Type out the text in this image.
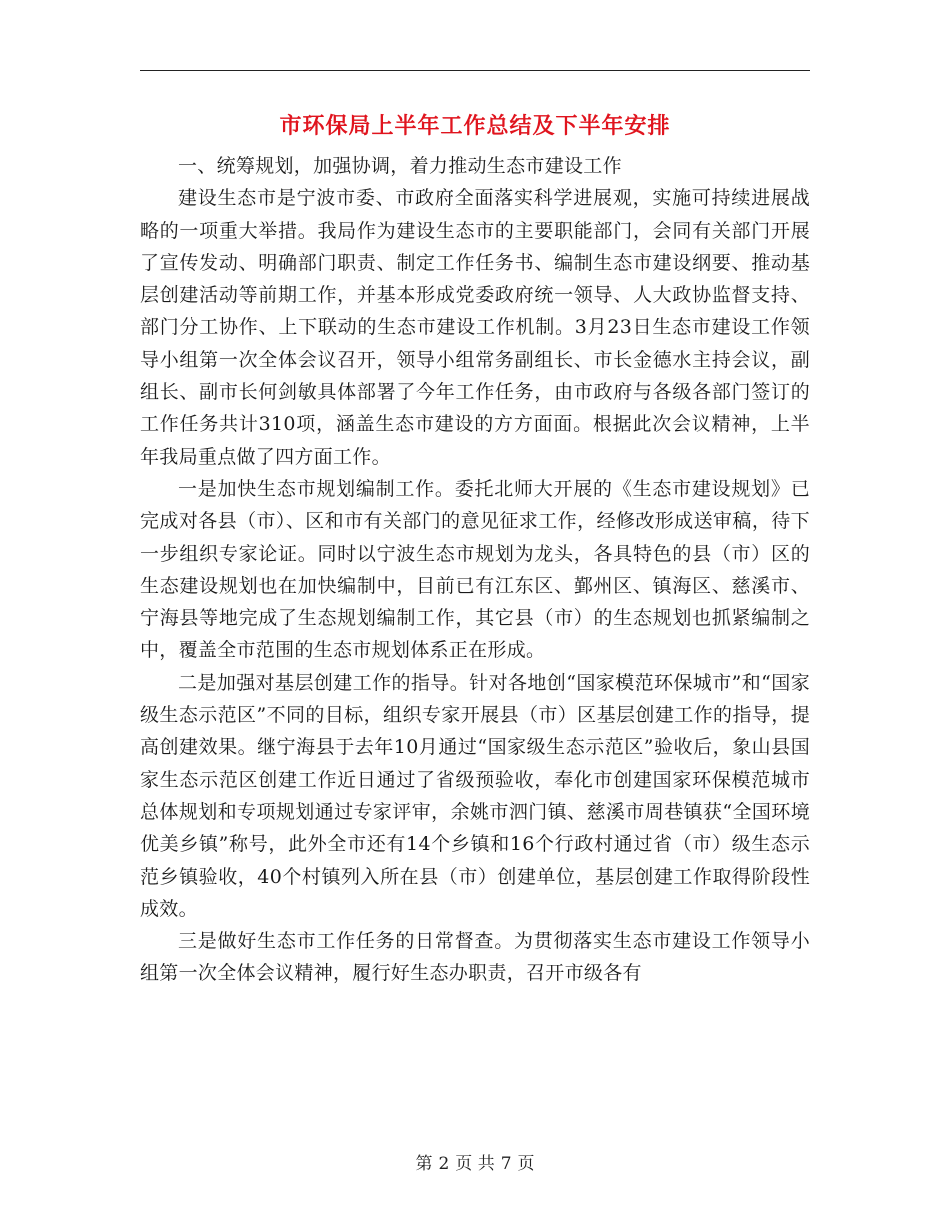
市环保局上半年工作总结及下半年安排

一、统筹规划，加强协调，着力推动生态市建设工作

建设生态市是宁波市委、市政府全面落实科学进展观，实施可持续进展战略的一项重大举措。我局作为建设生态市的主要职能部门，会同有关部门开展了宣传发动、明确部门职责、制定工作任务书、编制生态市建设纲要、推动基层创建活动等前期工作，并基本形成党委政府统一领导、人大政协监督支持、部门分工协作、上下联动的生态市建设工作机制。3月23日生态市建设工作领导小组第一次全体会议召开，领导小组常务副组长、市长金德水主持会议，副组长、副市长何剑敏具体部署了今年工作任务，由市政府与各级各部门签订的工作任务共计310项，涵盖生态市建设的方方面面。根据此次会议精神，上半年我局重点做了四方面工作。

一是加快生态市规划编制工作。委托北师大开展的《生态市建设规划》已完成对各县（市）、区和市有关部门的意见征求工作，经修改形成送审稿，待下一步组织专家论证。同时以宁波生态市规划为龙头，各具特色的县（市）区的生态建设规划也在加快编制中，目前已有江东区、鄞州区、镇海区、慈溪市、宁海县等地完成了生态规划编制工作，其它县（市）的生态规划也抓紧编制之中，覆盖全市范围的生态市规划体系正在形成。

二是加强对基层创建工作的指导。针对各地创“国家模范环保城市”和“国家级生态示范区”不同的目标，组织专家开展县（市）区基层创建工作的指导，提高创建效果。继宁海县于去年10月通过“国家级生态示范区”验收后，象山县国家生态示范区创建工作近日通过了省级预验收，奉化市创建国家环保模范城市总体规划和专项规划通过专家评审，余姚市泗门镇、慈溪市周巷镇获“全国环境优美乡镇”称号，此外全市还有14个乡镇和16个行政村通过省（市）级生态示范乡镇验收，40个村镇列入所在县（市）创建单位，基层创建工作取得阶段性成效。

三是做好生态市工作任务的日常督查。为贯彻落实生态市建设工作领导小组第一次全体会议精神，履行好生态办职责，召开市级各有

第 2 页 共 7 页
